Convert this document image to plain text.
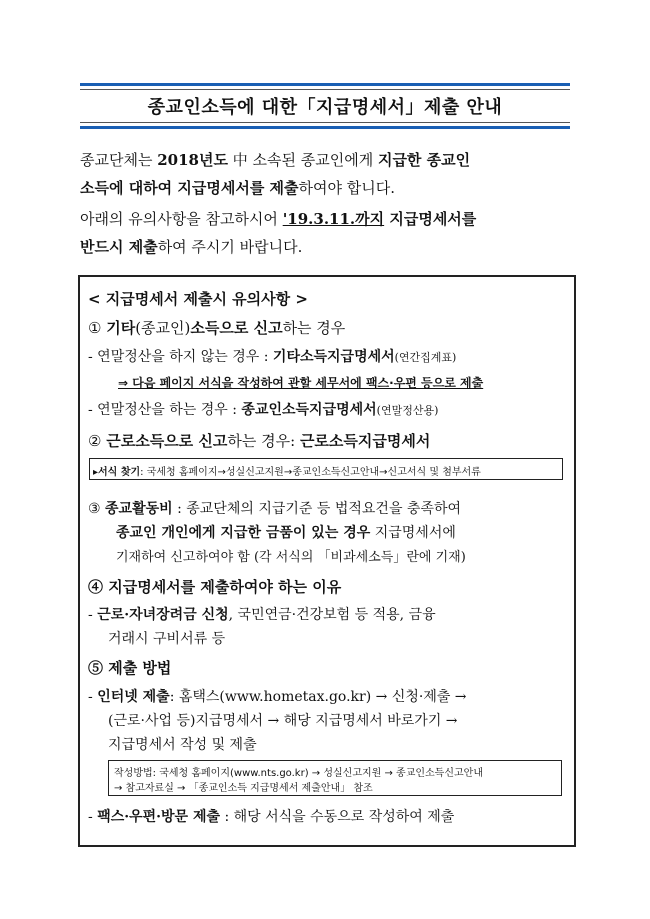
종교인소득에 대한「지급명세서」제출 안내
종교단체는 2018년도 中 소속된 종교인에게 지급한 종교인
소득에 대하여 지급명세서를 제출하여야 합니다.
아래의 유의사항을 참고하시어 '19.3.11.까지 지급명세서를
반드시 제출하여 주시기 바랍니다.
< 지급명세서 제출시 유의사항 >
① 기타(종교인)소득으로 신고하는 경우
- 연말정산을 하지 않는 경우 : 기타소득지급명세서(연간집계표)
⇒ 다음 페이지 서식을 작성하여 관할 세무서에 팩스·우편 등으로 제출
- 연말정산을 하는 경우 : 종교인소득지급명세서(연말정산용)
② 근로소득으로 신고하는 경우: 근로소득지급명세서
▸서식 찾기: 국세청 홈페이지→성실신고지원→종교인소득신고안내→신고서식 및 첨부서류
③ 종교활동비 : 종교단체의 지급기준 등 법적요건을 충족하여
종교인 개인에게 지급한 금품이 있는 경우 지급명세서에
기재하여 신고하여야 함 (각 서식의 「비과세소득」란에 기재)
④ 지급명세서를 제출하여야 하는 이유
- 근로·자녀장려금 신청, 국민연금·건강보험 등 적용, 금융
거래시 구비서류 등
⑤ 제출 방법
- 인터넷 제출: 홈택스(www.hometax.go.kr) → 신청·제출 →
(근로·사업 등)지급명세서 → 해당 지급명세서 바로가기 →
지급명세서 작성 및 제출
작성방법: 국세청 홈페이지(www.nts.go.kr) → 성실신고지원 → 종교인소득신고안내
→ 참고자료실 → 「종교인소득 지급명세서 제출안내」 참조
- 팩스·우편·방문 제출 : 해당 서식을 수동으로 작성하여 제출
